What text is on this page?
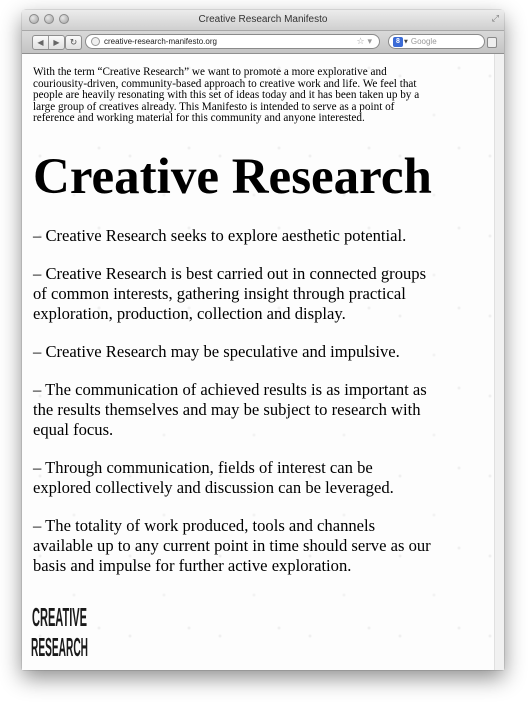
Creative Research Manifesto	⤢
◀ ▶ ↻	creative-research-manifesto.org	☆ ▾	8 ▼ Google

With the term “Creative Research” we want to promote a more explorative and couriousity-driven, community-based approach to creative work and life. We feel that people are heavily resonating with this set of ideas today and it has been taken up by a large group of creatives already. This Manifesto is intended to serve as a point of reference and working material for this community and anyone interested.

Creative Research

– Creative Research seeks to explore aesthetic potential.

– Creative Research is best carried out in connected groups of common interests, gathering insight through practical exploration, production, collection and display.

– Creative Research may be speculative and impulsive.

– The communication of achieved results is as important as the results themselves and may be subject to research with equal focus.

– Through communication, fields of interest can be explored collectively and discussion can be leveraged.

– The totality of work produced, tools and channels available up to any current point in time should serve as our basis and impulse for further active exploration.

CREATIVE
RESEARCH
